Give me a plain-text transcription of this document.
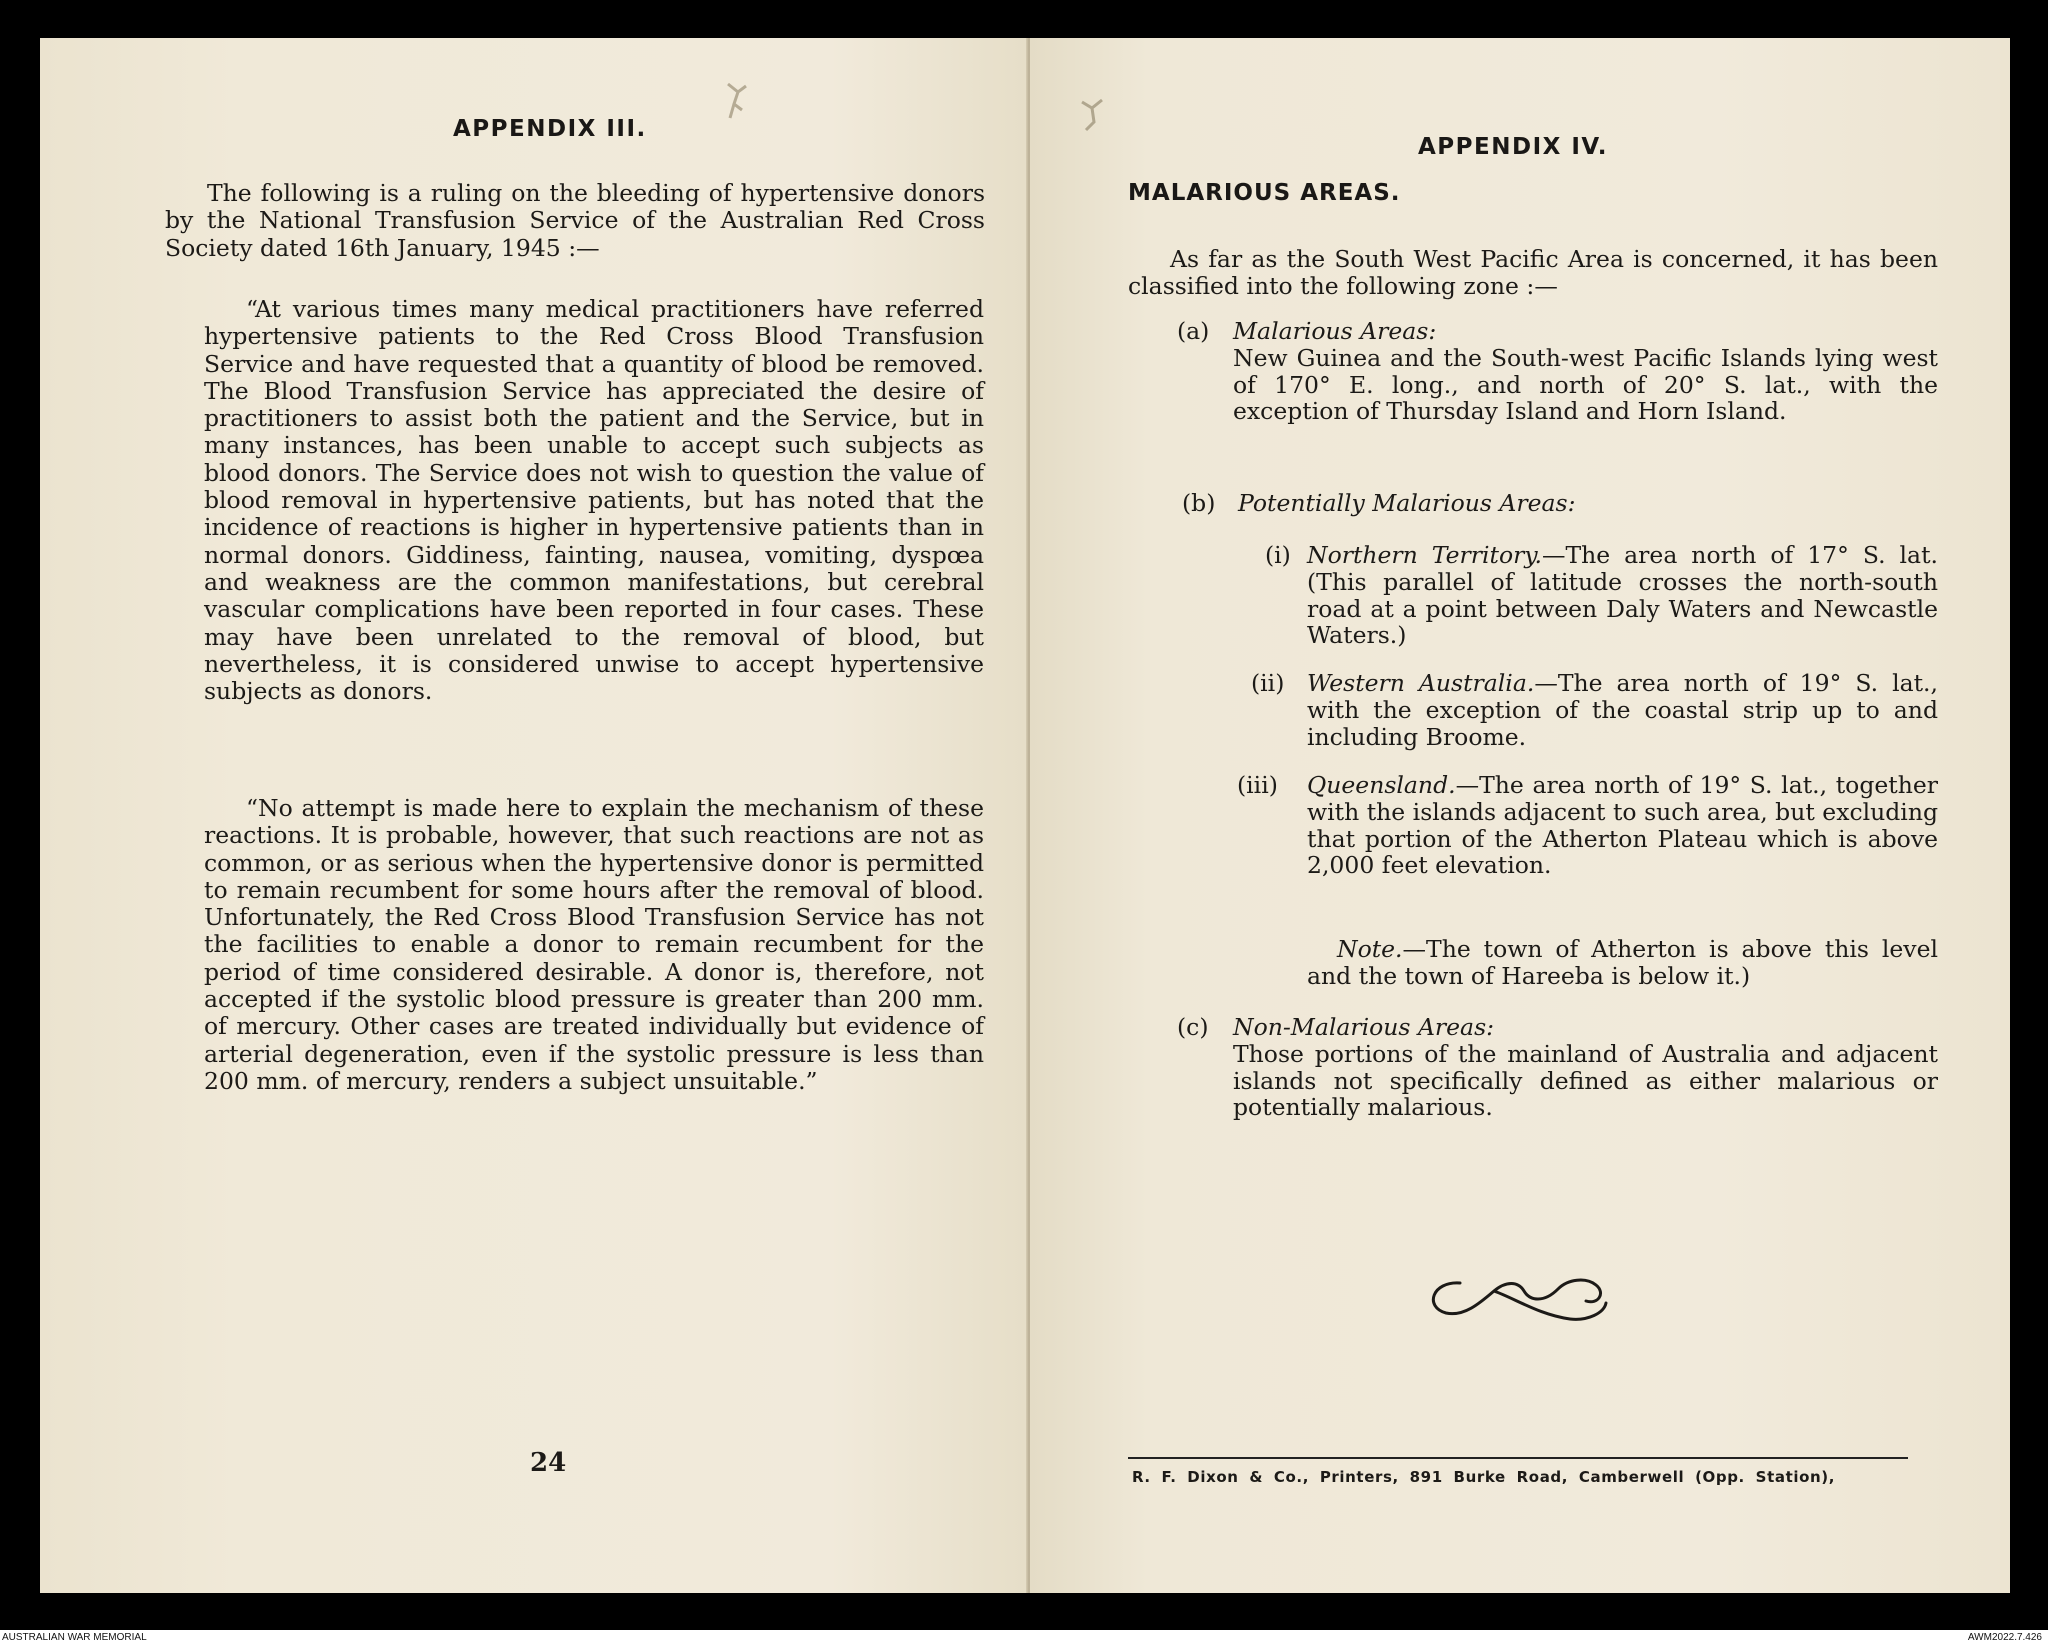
APPENDIX III.

The following is a ruling on the bleeding of hypertensive donors by the National Transfusion Service of the Australian Red Cross Society dated 16th January, 1945 :—

“At various times many medical practitioners have referred hypertensive patients to the Red Cross Blood Transfusion Service and have requested that a quantity of blood be removed. The Blood Transfusion Service has appreciated the desire of practitioners to assist both the patient and the Service, but in many instances, has been unable to accept such subjects as blood donors. The Service does not wish to question the value of blood removal in hypertensive patients, but has noted that the incidence of reactions is higher in hypertensive patients than in normal donors. Giddiness, fainting, nausea, vomiting, dyspœa and weakness are the common manifestations, but cerebral vascular complications have been reported in four cases. These may have been unrelated to the removal of blood, but nevertheless, it is considered unwise to accept hypertensive subjects as donors.

“No attempt is made here to explain the mechanism of these reactions. It is probable, however, that such reactions are not as common, or as serious when the hypertensive donor is permitted to remain recumbent for some hours after the removal of blood. Unfortunately, the Red Cross Blood Transfusion Service has not the facilities to enable a donor to remain recumbent for the period of time considered desirable. A donor is, therefore, not accepted if the systolic blood pressure is greater than 200 mm. of mercury. Other cases are treated individually but evidence of arterial degeneration, even if the systolic pressure is less than 200 mm. of mercury, renders a subject unsuitable.”

24
APPENDIX IV.
MALARIOUS AREAS.

As far as the South West Pacific Area is concerned, it has been classified into the following zone :—

(a) Malarious Areas:
New Guinea and the South-west Pacific Islands lying west of 170° E. long., and north of 20° S. lat., with the exception of Thursday Island and Horn Island.
(b) Potentially Malarious Areas:
(i) Northern Territory.—The area north of 17° S. lat. (This parallel of latitude crosses the north-south road at a point between Daly Waters and Newcastle Waters.)
(ii) Western Australia.—The area north of 19° S. lat., with the exception of the coastal strip up to and including Broome.
(iii) Queensland.—The area north of 19° S. lat., together with the islands adjacent to such area, but excluding that portion of the Atherton Plateau which is above 2,000 feet elevation.
Note.—The town of Atherton is above this level and the town of Hareeba is below it.)
(c) Non-Malarious Areas:
Those portions of the mainland of Australia and adjacent islands not specifically defined as either malarious or potentially malarious.
R. F. Dixon & Co., Printers, 891 Burke Road, Camberwell (Opp. Station),
AUSTRALIAN WAR MEMORIAL	AWM2022.7.426
